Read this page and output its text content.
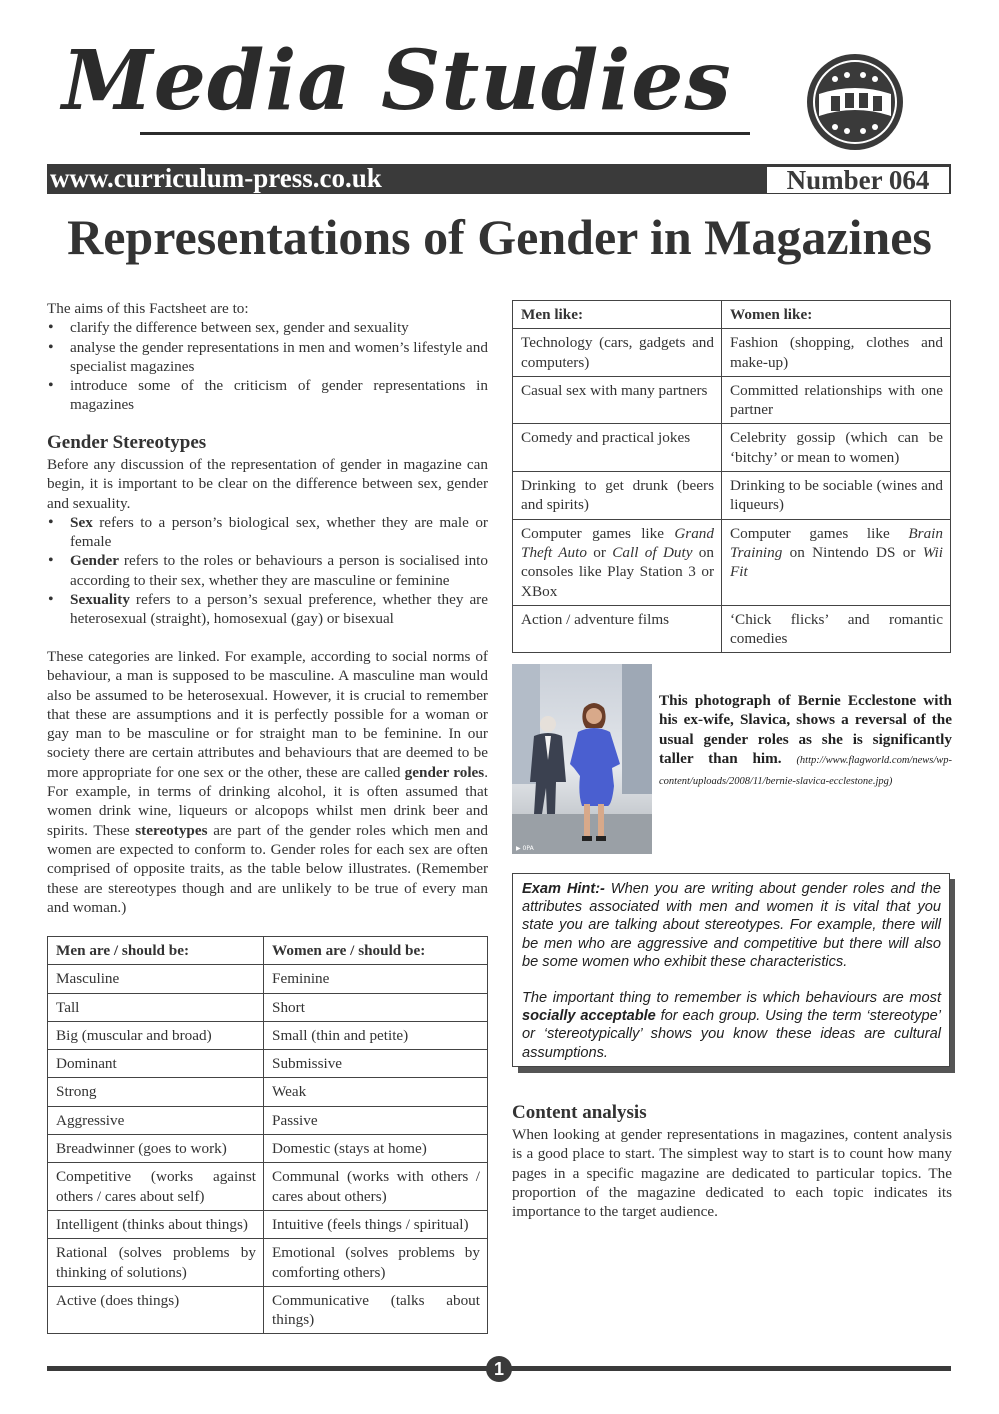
Media Studies
www.curriculum-press.co.uk	Number 064
Representations of Gender in Magazines
The aims of this Factsheet are to:
• clarify the difference between sex, gender and sexuality
• analyse the gender representations in men and women’s lifestyle and specialist magazines
• introduce some of the criticism of gender representations in magazines
Gender Stereotypes
Before any discussion of the representation of gender in magazine can begin, it is important to be clear on the difference between sex, gender and sexuality.
• Sex refers to a person’s biological sex, whether they are male or female
• Gender refers to the roles or behaviours a person is socialised into according to their sex, whether they are masculine or feminine
• Sexuality refers to a person’s sexual preference, whether they are heterosexual (straight), homosexual (gay) or bisexual
These categories are linked. For example, according to social norms of behaviour, a man is supposed to be masculine. A masculine man would also be assumed to be heterosexual. However, it is crucial to remember that these are assumptions and it is perfectly possible for a woman or gay man to be masculine or for straight man to be feminine. In our society there are certain attributes and behaviours that are deemed to be more appropriate for one sex or the other, these are called gender roles. For example, in terms of drinking alcohol, it is often assumed that women drink wine, liqueurs or alcopops whilst men drink beer and spirits. These stereotypes are part of the gender roles which men and women are expected to conform to. Gender roles for each sex are often comprised of opposite traits, as the table below illustrates. (Remember these are stereotypes though and are unlikely to be true of every man and woman.)
Men are / should be:	Women are / should be:
Masculine	Feminine
Tall	Short
Big (muscular and broad)	Small (thin and petite)
Dominant	Submissive
Strong	Weak
Aggressive	Passive
Breadwinner (goes to work)	Domestic (stays at home)
Competitive (works against others / cares about self)	Communal (works with others / cares about others)
Intelligent (thinks about things)	Intuitive (feels things / spiritual)
Rational (solves problems by thinking of solutions)	Emotional (solves problems by comforting others)
Active (does things)	Communicative (talks about things)
Men like:	Women like:
Technology (cars, gadgets and computers)	Fashion (shopping, clothes and make-up)
Casual sex with many partners	Committed relationships with one partner
Comedy and practical jokes	Celebrity gossip (which can be ‘bitchy’ or mean to women)
Drinking to get drunk (beers and spirits)	Drinking to be sociable (wines and liqueurs)
Computer games like Grand Theft Auto or Call of Duty on consoles like Play Station 3 or XBox	Computer games like Brain Training on Nintendo DS or Wii Fit
Action / adventure films	‘Chick flicks’ and romantic comedies
▶ 0PA
This photograph of Bernie Ecclestone with his ex-wife, Slavica, shows a reversal of the usual gender roles as she is significantly taller than him. (http://www.flagworld.com/news/wp-content/uploads/2008/11/bernie-slavica-ecclestone.jpg)

Exam Hint:- When you are writing about gender roles and the attributes associated with men and women it is vital that you state you are talking about stereotypes. For example, there will be men who are aggressive and competitive but there will also be some women who exhibit these characteristics.

The important thing to remember is which behaviours are most socially acceptable for each group. Using the term ‘stereotype’ or ‘stereotypically’ shows you know these ideas are cultural assumptions.

Content analysis
When looking at gender representations in magazines, content analysis is a good place to start. The simplest way to start is to count how many pages in a specific magazine are dedicated to particular topics. The proportion of the magazine dedicated to each topic indicates its importance to the target audience.
1
